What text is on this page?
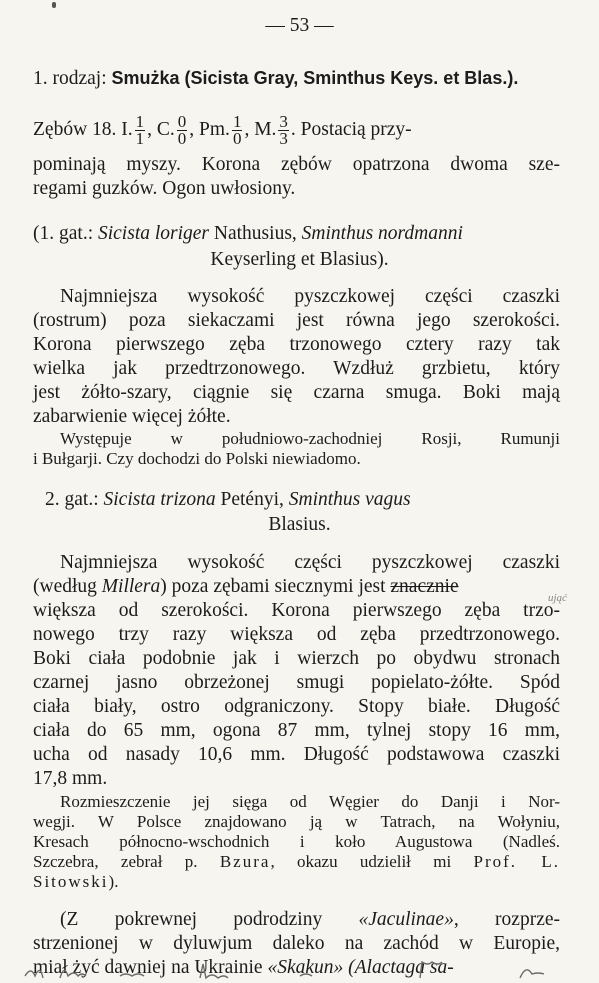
— 53 —
1. rodzaj: Smużka (Sicista Gray, Sminthus Keys. et Blas.).
Zębów 18. I. $\frac{1}{1}$ , C. $\frac{0}{0}$ , Pm. $\frac{1}{0}$ , M. $\frac{3}{3}$ . Postacią przy-
pominają myszy. Korona zębów opatrzona dwoma sze-
regami guzków. Ogon uwłosiony.
(1. gat.: Sicista loriger Nathusius, Sminthus nordmanni
Keyserling et Blasius).
Najmniejsza wysokość pyszczkowej części czaszki
(rostrum) poza siekaczami jest równa jego szerokości.
Korona pierwszego zęba trzonowego cztery razy tak
wielka jak przedtrzonowego. Wzdłuż grzbietu, który
jest żółto-szary, ciągnie się czarna smuga. Boki mają
zabarwienie więcej żółte.
Występuje w południowo-zachodniej Rosji, Rumunji
i Bułgarji. Czy dochodzi do Polski niewiadomo.
2. gat.: Sicista trizona Petényi, Sminthus vagus
Blasius.
Najmniejsza wysokość części pyszczkowej czaszki
(według Millera) poza zębami siecznymi jest znacznie
ująć
większa od szerokości. Korona pierwszego zęba trzo-
nowego trzy razy większa od zęba przedtrzonowego.
Boki ciała podobnie jak i wierzch po obydwu stronach
czarnej jasno obrzeżonej smugi popielato-żółte. Spód
ciała biały, ostro odgraniczony. Stopy białe. Długość
ciała do 65 mm, ogona 87 mm, tylnej stopy 16 mm,
ucha od nasady 10,6 mm. Długość podstawowa czaszki
17,8 mm.
Rozmieszczenie jej sięga od Węgier do Danji i Nor-
wegji. W Polsce znajdowano ją w Tatrach, na Wołyniu,
Kresach północno-wschodnich i koło Augustowa (Nadleś.
Szczebra, zebrał p. Bzura, okazu udzielił mi Prof. L.
Sitowski).
(Z pokrewnej podrodziny «Jaculinae», rozprze-
strzenionej w dyluwjum daleko na zachód w Europie,
miał żyć dawniej na Ukrainie «Skakun» (Alactaga sa-
